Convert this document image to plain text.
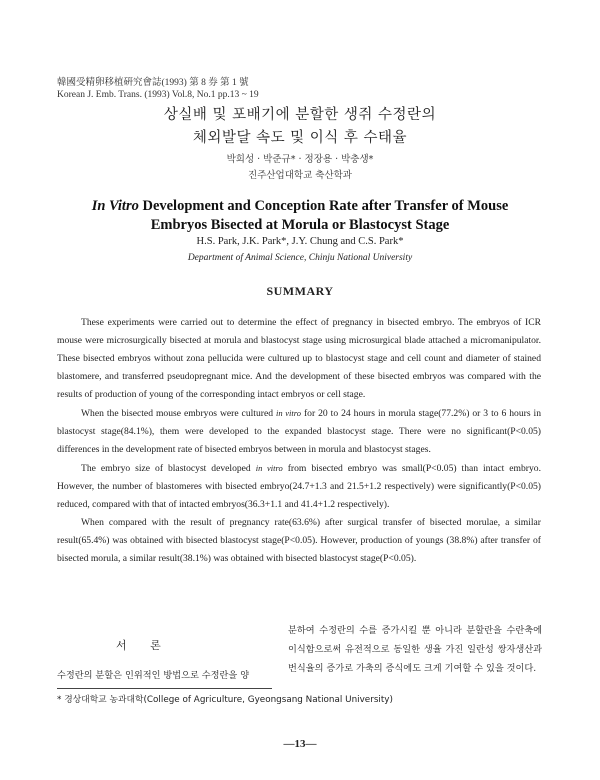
韓國受精卵移植硏究會誌(1993) 第 8 券 第 1 號
Korean J. Emb. Trans. (1993) Vol.8, No.1 pp.13 ~ 19
상실배 및 포배기에 분할한 생쥐 수정란의
체외발달 속도 및 이식 후 수태율
박희성 · 박준규* · 정장용 · 박충생*
진주산업대학교 축산학과
In Vitro Development and Conception Rate after Transfer of Mouse
Embryos Bisected at Morula or Blastocyst Stage
H.S. Park, J.K. Park*, J.Y. Chung and C.S. Park*
Department of Animal Science, Chinju National University
SUMMARY

These experiments were carried out to determine the effect of pregnancy in bisected embryo. The embryos of ICR mouse were microsurgically bisected at morula and blastocyst stage using microsurgical blade attached a micromanipulator. These bisected embryos without zona pellucida were cultured up to blastocyst stage and cell count and diameter of stained blastomere, and transferred pseudopregnant mice. And the development of these bisected embryos was compared with the results of production of young of the corresponding intact embryos or cell stage.

When the bisected mouse embryos were cultured in vitro for 20 to 24 hours in morula stage(77.2%) or 3 to 6 hours in blastocyst stage(84.1%), them were developed to the expanded blastocyst stage. There were no significant(P<0.05) differences in the development rate of bisected embryos between in morula and blastocyst stages.

The embryo size of blastocyst developed in vitro from bisected embryo was small(P<0.05) than intact embryo. However, the number of blastomeres with bisected embryo(24.7+1.3 and 21.5+1.2 respectively) were significantly(P<0.05) reduced, compared with that of intacted embryos(36.3+1.1 and 41.4+1.2 respectively).

When compared with the result of pregnancy rate(63.6%) after surgical transfer of bisected morulae, a similar result(65.4%) was obtained with bisected blastocyst stage(P<0.05). However, production of youngs (38.8%) after transfer of bisected morula, a similar result(38.1%) was obtained with bisected blastocyst stage(P<0.05).

서 론
수정란의 분할은 인위적인 방법으로 수정란을 양
분하여 수정란의 수를 증가시킬 뿐 아니라 분할란을 수란축에 이식함으로써 유전적으로 동일한 생율 가진 일란성 쌍자생산과 번식율의 증가로 가축의 증식에도 크게 기여할 수 있을 것이다.
* 경상대학교 농과대학(College of Agriculture, Gyeongsang National University)
—13—
